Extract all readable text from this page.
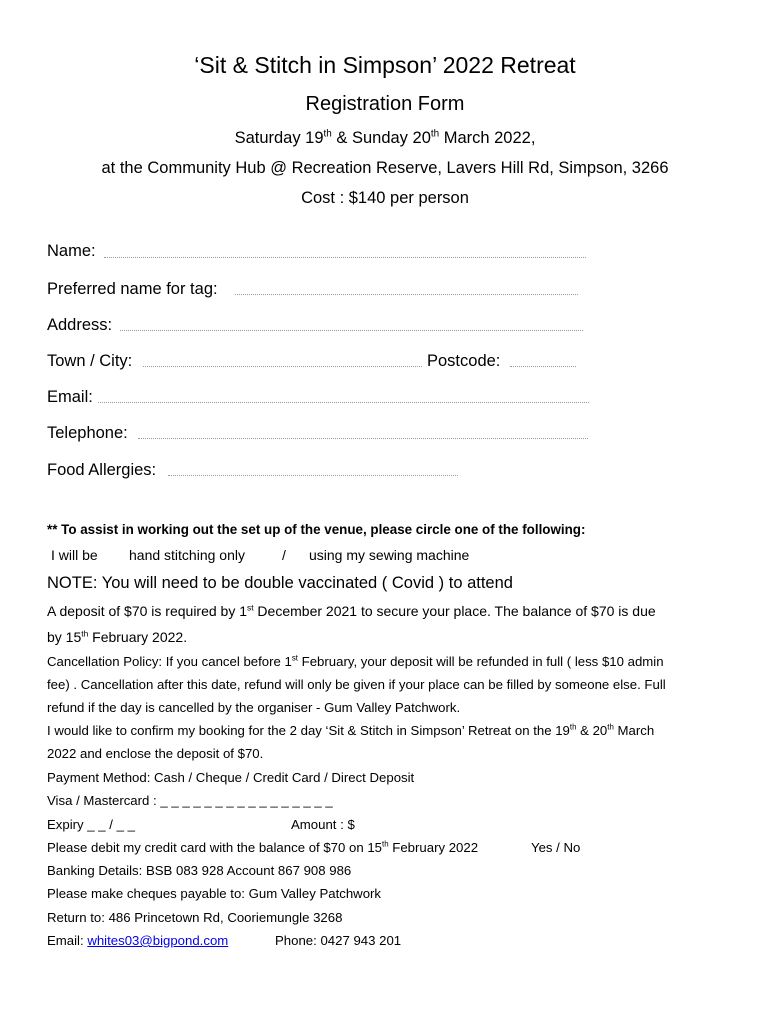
‘Sit & Stitch in Simpson’ 2022 Retreat
Registration Form
Saturday 19th & Sunday 20th March 2022,
at the Community Hub @ Recreation Reserve, Lavers Hill Rd, Simpson, 3266
Cost : $140 per person
Name:
Preferred name for tag:
Address:
Town / City:	Postcode:
Email:
Telephone:
Food Allergies:
** To assist in working out the set up of the venue, please circle one of the following:
I will be hand stitching only	/ using my sewing machine
NOTE: You will need to be double vaccinated ( Covid ) to attend
A deposit of $70 is required by 1st December 2021 to secure your place. The balance of $70 is due
by 15th February 2022.
Cancellation Policy: If you cancel before 1st February, your deposit will be refunded in full ( less $10 admin
fee) . Cancellation after this date, refund will only be given if your place can be filled by someone else. Full
refund if the day is cancelled by the organiser - Gum Valley Patchwork.
I would like to confirm my booking for the 2 day ‘Sit & Stitch in Simpson’ Retreat on the 19th & 20th March
2022 and enclose the deposit of $70.
Payment Method: Cash / Cheque / Credit Card / Direct Deposit
Visa / Mastercard : _ _ _ _ _ _ _ _ _ _ _ _ _ _ _ _
Expiry _ _ / _ _	Amount : $
Please debit my credit card with the balance of $70 on 15th February 2022	Yes / No
Banking Details: BSB 083 928 Account 867 908 986
Please make cheques payable to: Gum Valley Patchwork
Return to: 486 Princetown Rd, Cooriemungle 3268
Email: whites03@bigpond.com	Phone: 0427 943 201
